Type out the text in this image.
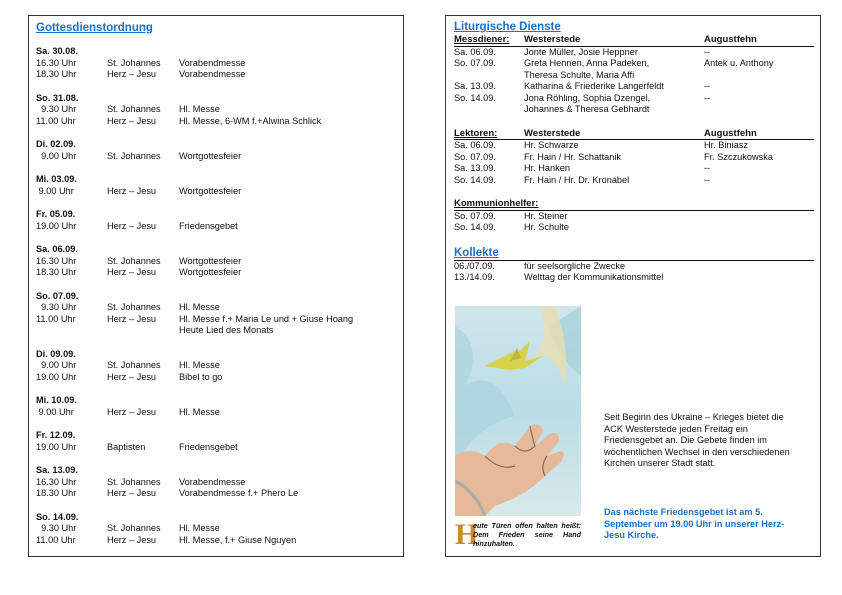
Gottesdienstordnung
Sa. 30.08.
16.30 Uhr	St. Johannes	Vorabendmesse
18.30 Uhr	Herz – Jesu	Vorabendmesse
So. 31.08.
9.30 Uhr	St. Johannes	Hl. Messe
11.00 Uhr	Herz – Jesu	Hl. Messe, 6-WM f.+Alwina Schlick
Di. 02.09.
9.00 Uhr	St. Johannes	Wortgottesfeier
Mi. 03.09.
9.00 Uhr	Herz – Jesu	Wortgottesfeier
Fr. 05.09.
19.00 Uhr	Herz – Jesu	Friedensgebet
Sa. 06.09.
16.30 Uhr	St. Johannes	Wortgottesfeier
18.30 Uhr	Herz – Jesu	Wortgottesfeier
So. 07.09.
9.30 Uhr	St. Johannes	Hl. Messe
11.00 Uhr	Herz – Jesu	Hl. Messe f.+ Maria Le und + Giuse Hoang
Heute Lied des Monats
Di. 09.09.
9.00 Uhr	St. Johannes	Hl. Messe
19.00 Uhr	Herz – Jesu	Bibel to go
Mi. 10.09.
9.00 Uhr	Herz – Jesu	Hl. Messe
Fr. 12.09.
19.00 Uhr	Baptisten	Friedensgebet
Sa. 13.09.
16.30 Uhr	St. Johannes	Vorabendmesse
18.30 Uhr	Herz – Jesu	Vorabendmesse f.+ Phero Le
So. 14.09.
9.30 Uhr	St. Johannes	Hl. Messe
11.00 Uhr	Herz – Jesu	Hl. Messe, f.+ Giuse Nguyen
Liturgische Dienste
Messdiener:	Westerstede	Augustfehn
Sa. 06.09.	Jonte Müller, Josie Heppner	--
So. 07.09.	Greta Hennen, Anna Padeken,	Antek u. Anthony
Theresa Schulte, Maria Affi
Sa. 13.09.	Katharina & Friederike Langerfeldt	--
So. 14.09.	Jona Röhling, Sophia Dzengel,	--
Johannes & Theresa Gebhardt
Lektoren:	Westerstede	Augustfehn
Sa. 06.09.	Hr. Schwarze	Hr. Biniasz
So. 07.09.	Fr. Hain / Hr. Schattanik	Fr. Szczukowska
Sa. 13.09.	Hr. Hanken	--
So. 14.09.	Fr. Hain / Hr. Dr. Kronabel	--
Kommunionhelfer:
So. 07.09.	Hr. Steiner
So. 14.09.	Hr. Schulte
Kollekte
06./07.09.	für seelsorgliche Zwecke
13./14.09.	Welttag der Kommunikationsmittel
H
eute Türen offen halten heißt: Dem Frieden seine Hand hinzuhalten.
Seit Beginn des Ukraine – Krieges bietet die ACK Westerstede jeden Freitag ein Friedensgebet an. Die Gebete finden im wöchentlichen Wechsel in den verschiedenen Kirchen unserer Stadt statt.
Das nächste Friedensgebet ist am 5. September um 19.00 Uhr in unserer Herz-Jesu Kirche.
